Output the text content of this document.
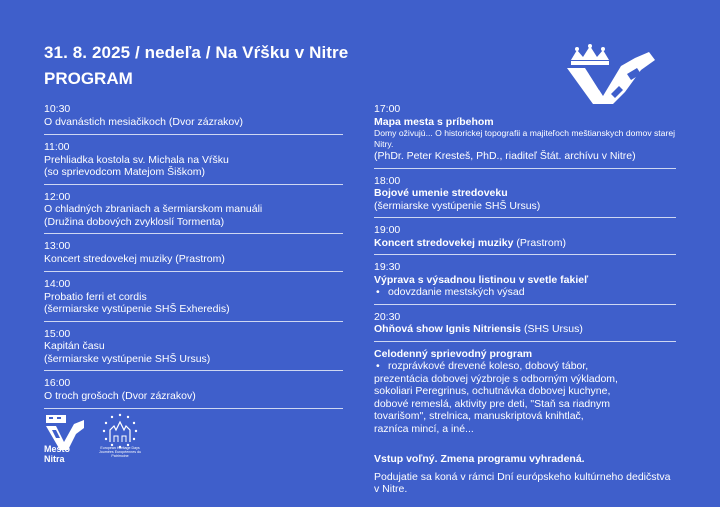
31. 8. 2025 / nedeľa / Na Vŕšku v Nitre
PROGRAM
10:30
O dvanástich mesiačikoch (Dvor zázrakov)
11:00
Prehliadka kostola sv. Michala na Vŕšku
(so sprievodcom Matejom Šiškom)
12:00
O chladných zbraniach a šermiarskom manuáli
(Družina dobových zvykloslí Tormenta)
13:00
Koncert stredovekej muziky (Prastrom)
14:00
Probatio ferri et cordis
(šermiarske vystúpenie SHŠ Exheredis)
15:00
Kapitán času
(šermiarske vystúpenie SHŠ Ursus)
16:00
O troch grošoch (Dvor zázrakov)
17:00
Mapa mesta s príbehom
Domy oživujú... O historickej topografii a majiteľoch meštianskych domov starej Nitry.
(PhDr. Peter Kresteš, PhD., riaditeľ Štát. archívu v Nitre)
18:00
Bojové umenie stredoveku
(šermiarske vystúpenie SHŠ Ursus)
19:00
Koncert stredovekej muziky (Prastrom)
19:30
Výprava s výsadnou listinou v svetle fakieľ
• odovzdanie mestských výsad
20:30
Ohňová show Ignis Nitriensis (SHS Ursus)
Celodenný sprievodný program
• rozprávkové drevené koleso, dobový tábor,
prezentácia dobovej výzbroje s odborným výkladom,
sokoliari Peregrinus, ochutnávka dobovej kuchyne,
dobové remeslá, aktivity pre deti, "Staň sa riadnym
tovarišom", strelnica, manuskriptová knihtlač,
razníca mincí, a iné...
Vstup voľný. Zmena programu vyhradená.
Podujatie sa koná v rámci Dní európskeho kultúrneho dedičstva v Nitre.
Mesto
Nitra
European Heritage Days Journées Européennes du Patrimoine
